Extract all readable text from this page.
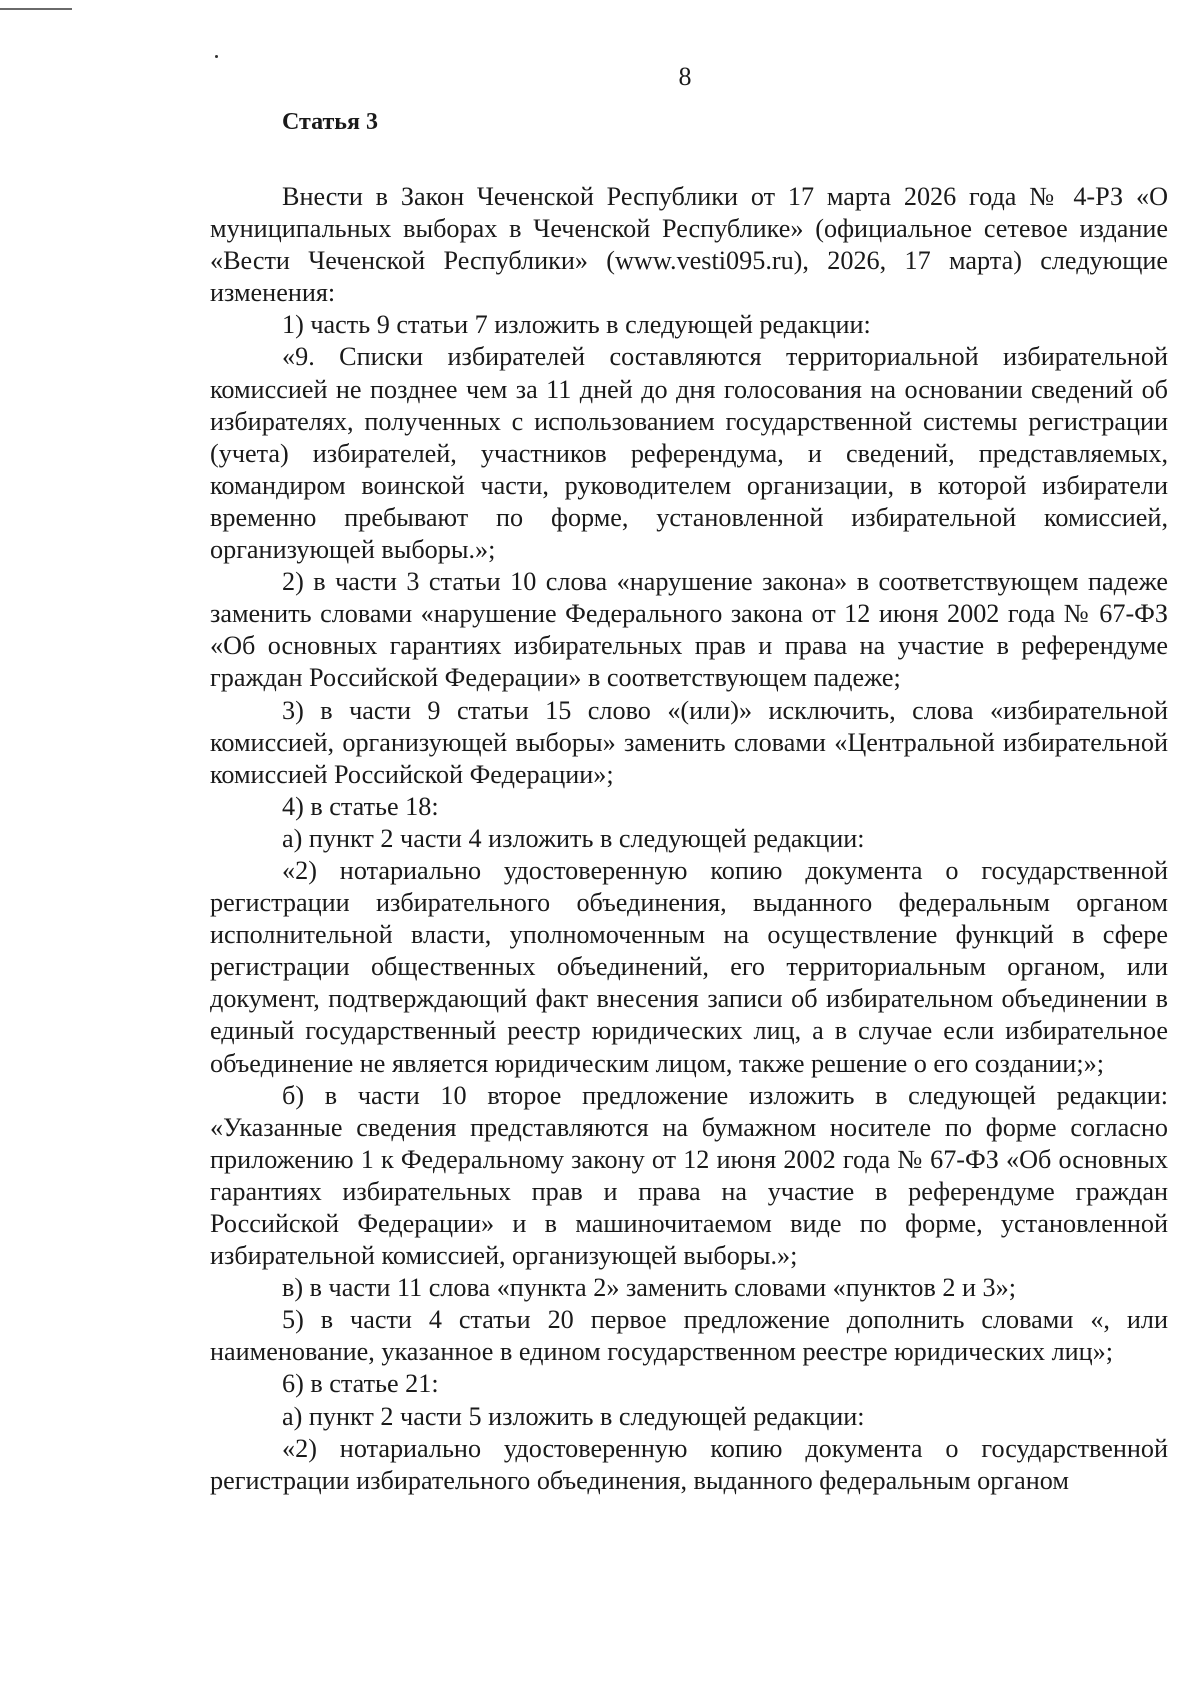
8
Статья 3

Внести в Закон Чеченской Республики от 17 марта 2026 года № 4-РЗ «О муниципальных выборах в Чеченской Республике» (официальное сетевое издание «Вести Чеченской Республики» (www.vesti095.ru), 2026, 17 марта) следующие изменения:

1) часть 9 статьи 7 изложить в следующей редакции:

«9. Списки избирателей составляются территориальной избирательной комиссией не позднее чем за 11 дней до дня голосования на основании сведений об избирателях, полученных с использованием государственной системы регистрации (учета) избирателей, участников референдума, и сведений, представляемых, командиром воинской части, руководителем организации, в которой избиратели временно пребывают по форме, установленной избирательной комиссией, организующей выборы.»;

2) в части 3 статьи 10 слова «нарушение закона» в соответствующем падеже заменить словами «нарушение Федерального закона от 12 июня 2002 года № 67-ФЗ «Об основных гарантиях избирательных прав и права на участие в референдуме граждан Российской Федерации» в соответствующем падеже;

3) в части 9 статьи 15 слово «(или)» исключить, слова «избирательной комиссией, организующей выборы» заменить словами «Центральной избирательной комиссией Российской Федерации»;

4) в статье 18:

а) пункт 2 части 4 изложить в следующей редакции:

«2) нотариально удостоверенную копию документа о государственной регистрации избирательного объединения, выданного федеральным органом исполнительной власти, уполномоченным на осуществление функций в сфере регистрации общественных объединений, его территориальным органом, или документ, подтверждающий факт внесения записи об избирательном объединении в единый государственный реестр юридических лиц, а в случае если избирательное объединение не является юридическим лицом, также решение о его создании;»;

б) в части 10 второе предложение изложить в следующей редакции: «Указанные сведения представляются на бумажном носителе по форме согласно приложению 1 к Федеральному закону от 12 июня 2002 года № 67-ФЗ «Об основных гарантиях избирательных прав и права на участие в референдуме граждан Российской Федерации» и в машиночитаемом виде по форме, установленной избирательной комиссией, организующей выборы.»;

в) в части 11 слова «пункта 2» заменить словами «пунктов 2 и 3»;

5) в части 4 статьи 20 первое предложение дополнить словами «, или наименование, указанное в едином государственном реестре юридических лиц»;

6) в статье 21:

а) пункт 2 части 5 изложить в следующей редакции:

«2) нотариально удостоверенную копию документа о государственной регистрации избирательного объединения, выданного федеральным органом
